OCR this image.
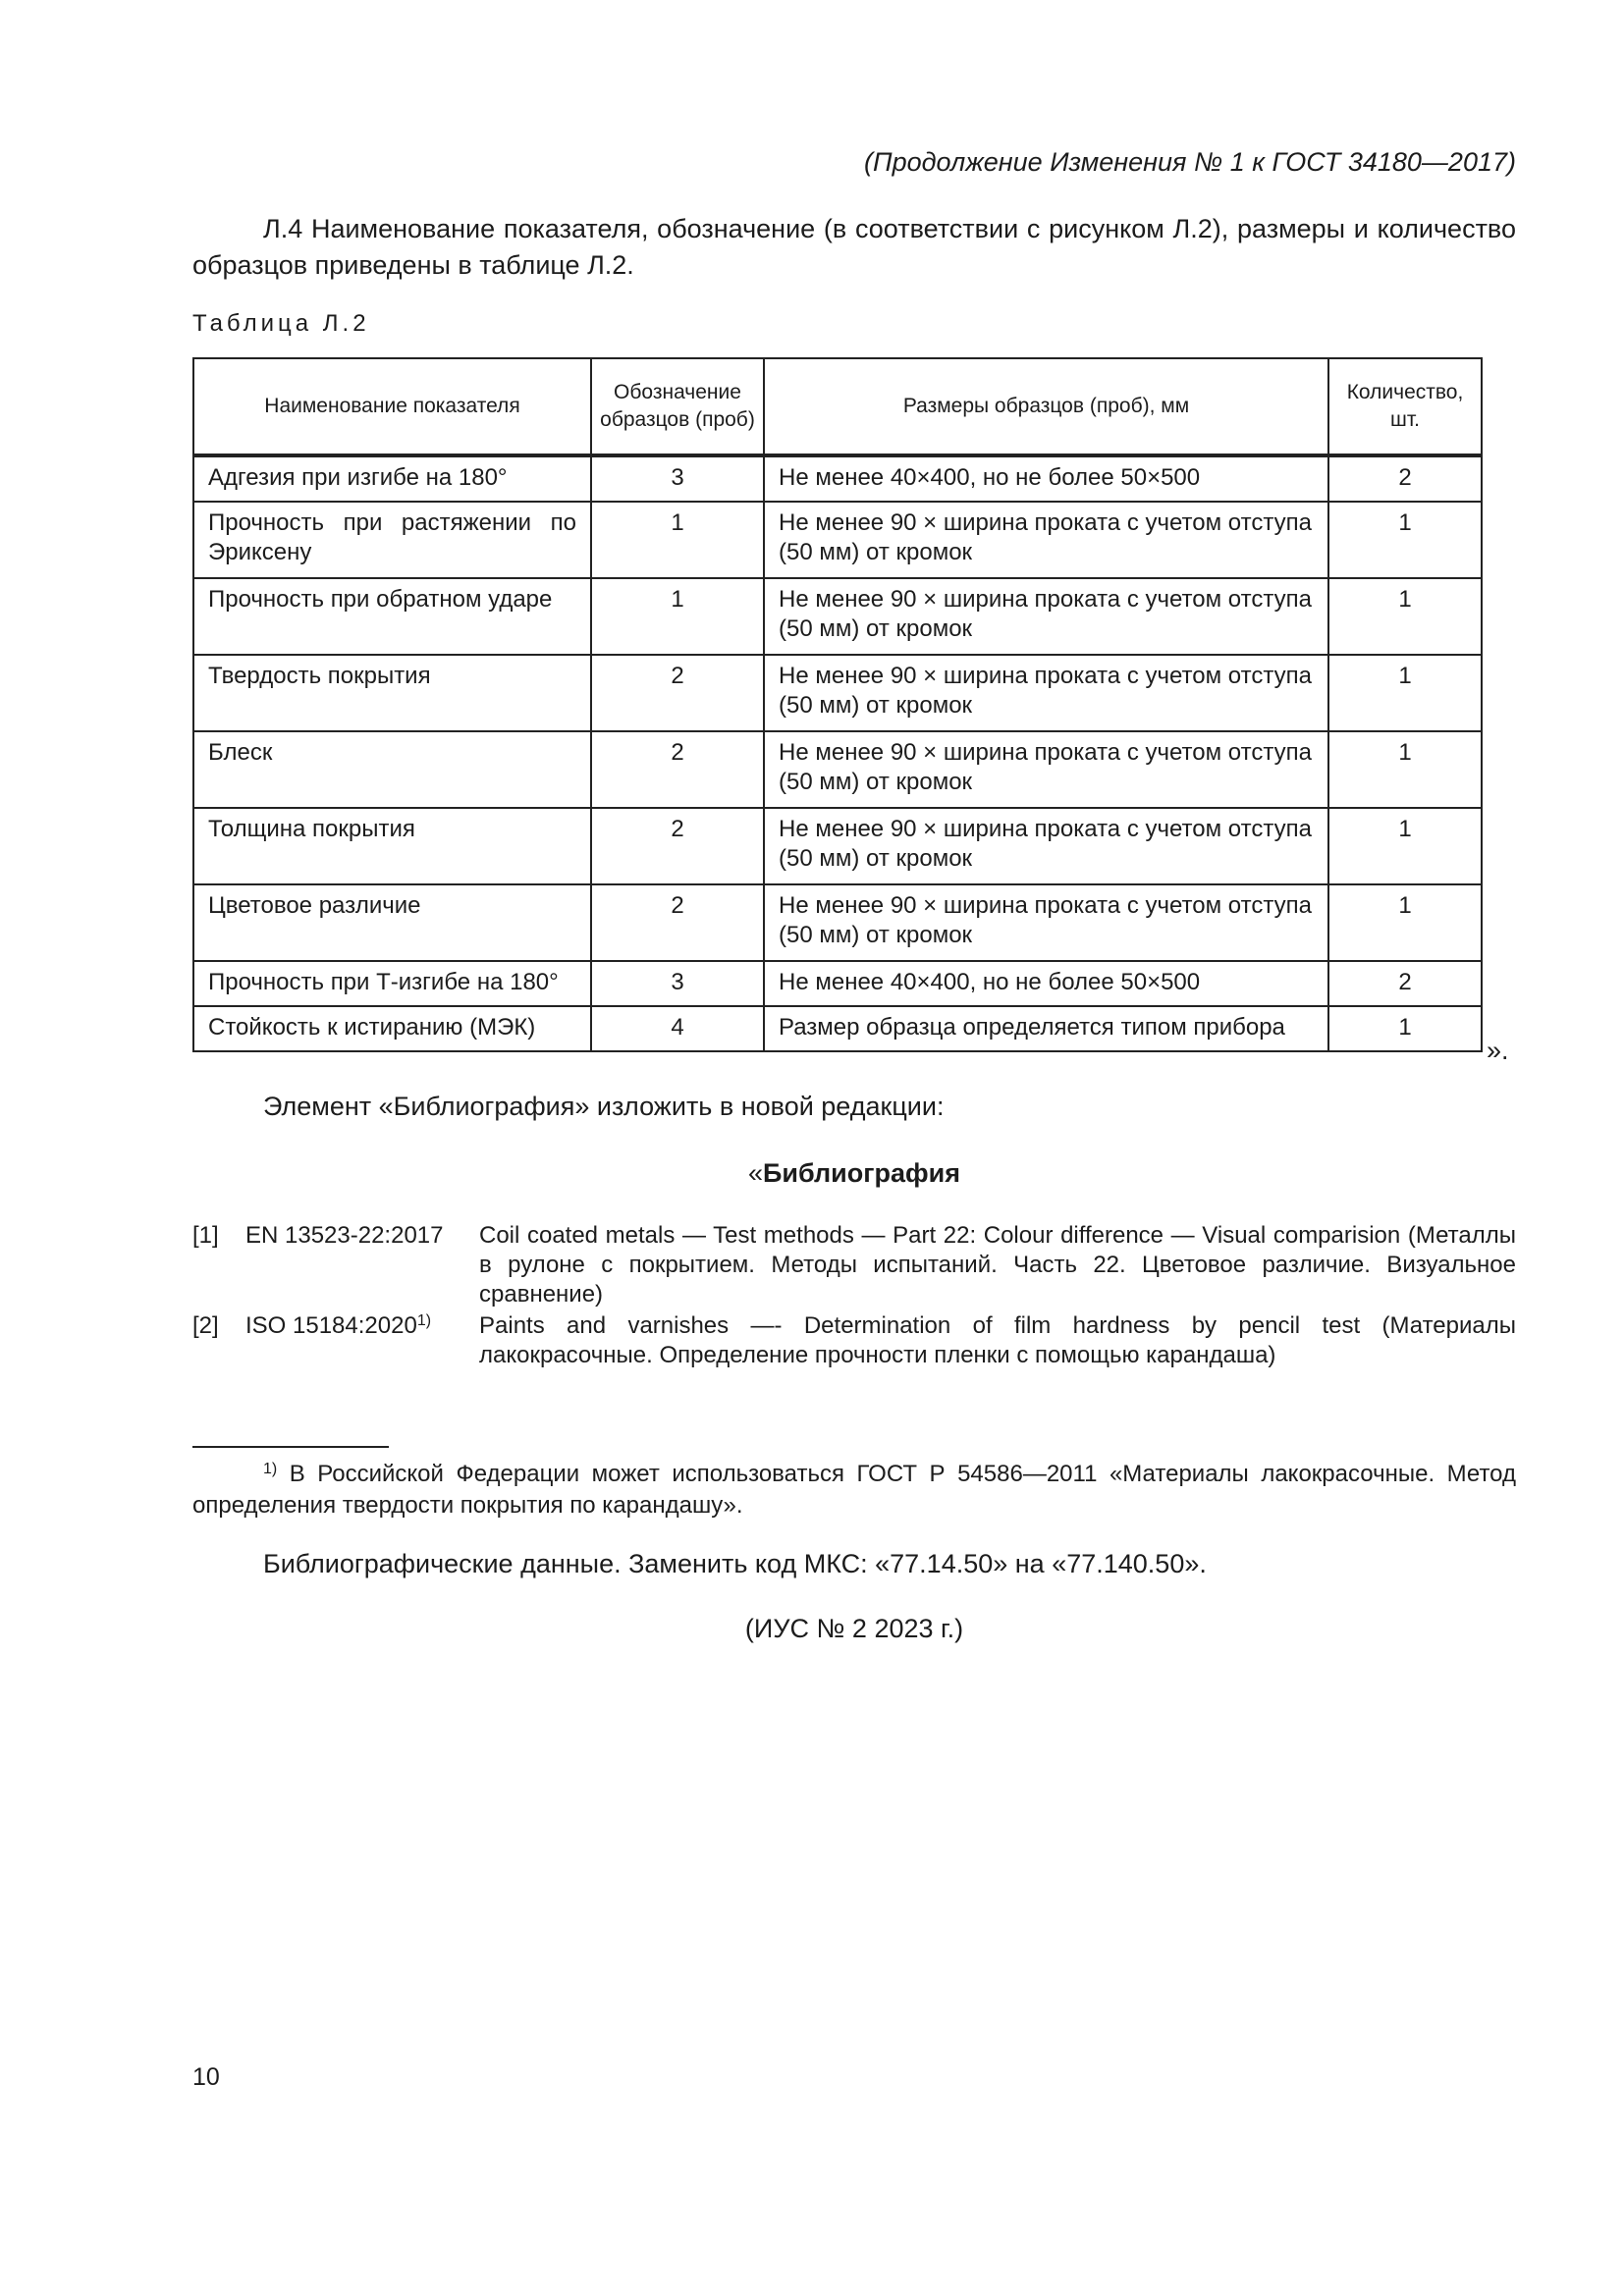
(Продолжение Изменения № 1 к ГОСТ 34180—2017)
Л.4 Наименование показателя, обозначение (в соответствии с рисунком Л.2), размеры и количество образцов приведены в таблице Л.2.
Таблица Л.2
Наименование показателя	Обозначение образцов (проб)	Размеры образцов (проб), мм	Количество, шт.
Адгезия при изгибе на 180°	3	Не менее 40×400, но не более 50×500	2
Прочность при растяжении по Эриксену	1	Не менее 90 × ширина проката с учетом отступа (50 мм) от кромок	1
Прочность при обратном ударе	1	Не менее 90 × ширина проката с учетом отступа (50 мм) от кромок	1
Твердость покрытия	2	Не менее 90 × ширина проката с учетом отступа (50 мм) от кромок	1
Блеск	2	Не менее 90 × ширина проката с учетом отступа (50 мм) от кромок	1
Толщина покрытия	2	Не менее 90 × ширина проката с учетом отступа (50 мм) от кромок	1
Цветовое различие	2	Не менее 90 × ширина проката с учетом отступа (50 мм) от кромок	1
Прочность при Т-изгибе на 180°	3	Не менее 40×400, но не более 50×500	2
Стойкость к истиранию (МЭК)	4	Размер образца определяется типом прибора	1
».
Элемент «Библиография» изложить в новой редакции:
«Библиография
[1] EN 13523-22:2017 Coil coated metals — Test methods — Part 22: Colour difference — Visual comparision (Металлы в рулоне с покрытием. Методы испытаний. Часть 22. Цветовое различие. Визуальное сравнение)
[2] ISO 15184:2020$^{1)}$ Paints and varnishes —- Determination of film hardness by pencil test (Материалы лакокрасочные. Определение прочности пленки с помощью карандаша)
$^{1)}$ В Российской Федерации может использоваться ГОСТ Р 54586—2011 «Материалы лакокрасочные. Метод определения твердости покрытия по карандашу».
Библиографические данные. Заменить код МКС: «77.14.50» на «77.140.50».
(ИУС № 2 2023 г.)
10
